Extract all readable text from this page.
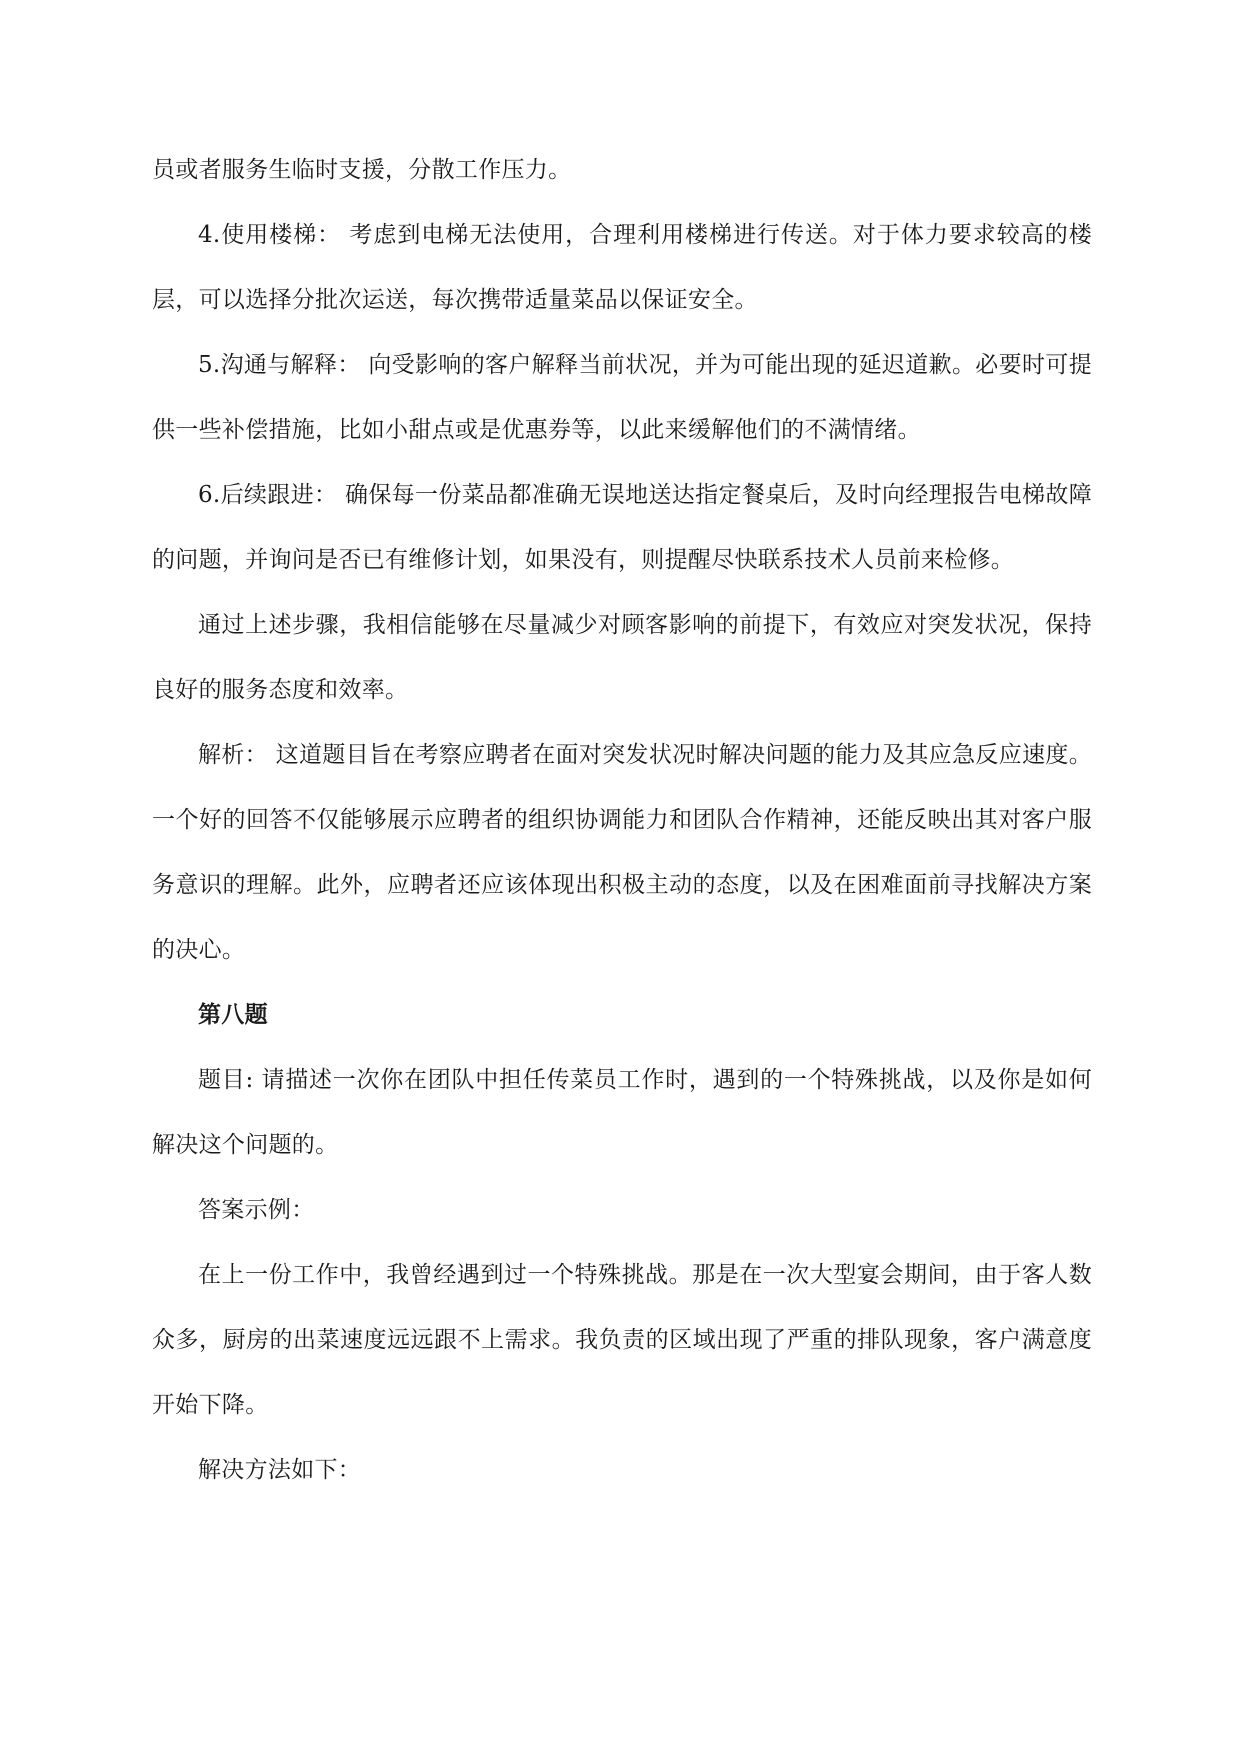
员或者服务生临时支援，分散工作压力。

4.使用楼梯： 考虑到电梯无法使用，合理利用楼梯进行传送。对于体力要求较高的楼层，可以选择分批次运送，每次携带适量菜品以保证安全。

5.沟通与解释： 向受影响的客户解释当前状况，并为可能出现的延迟道歉。必要时可提供一些补偿措施，比如小甜点或是优惠券等，以此来缓解他们的不满情绪。

6.后续跟进： 确保每一份菜品都准确无误地送达指定餐桌后，及时向经理报告电梯故障的问题，并询问是否已有维修计划，如果没有，则提醒尽快联系技术人员前来检修。

通过上述步骤，我相信能够在尽量减少对顾客影响的前提下，有效应对突发状况，保持良好的服务态度和效率。

解析： 这道题目旨在考察应聘者在面对突发状况时解决问题的能力及其应急反应速度。一个好的回答不仅能够展示应聘者的组织协调能力和团队合作精神，还能反映出其对客户服务意识的理解。此外，应聘者还应该体现出积极主动的态度，以及在困难面前寻找解决方案的决心。

第八题

题目: 请描述一次你在团队中担任传菜员工作时，遇到的一个特殊挑战，以及你是如何解决这个问题的。

答案示例：

在上一份工作中，我曾经遇到过一个特殊挑战。那是在一次大型宴会期间，由于客人数众多，厨房的出菜速度远远跟不上需求。我负责的区域出现了严重的排队现象，客户满意度开始下降。

解决方法如下：
